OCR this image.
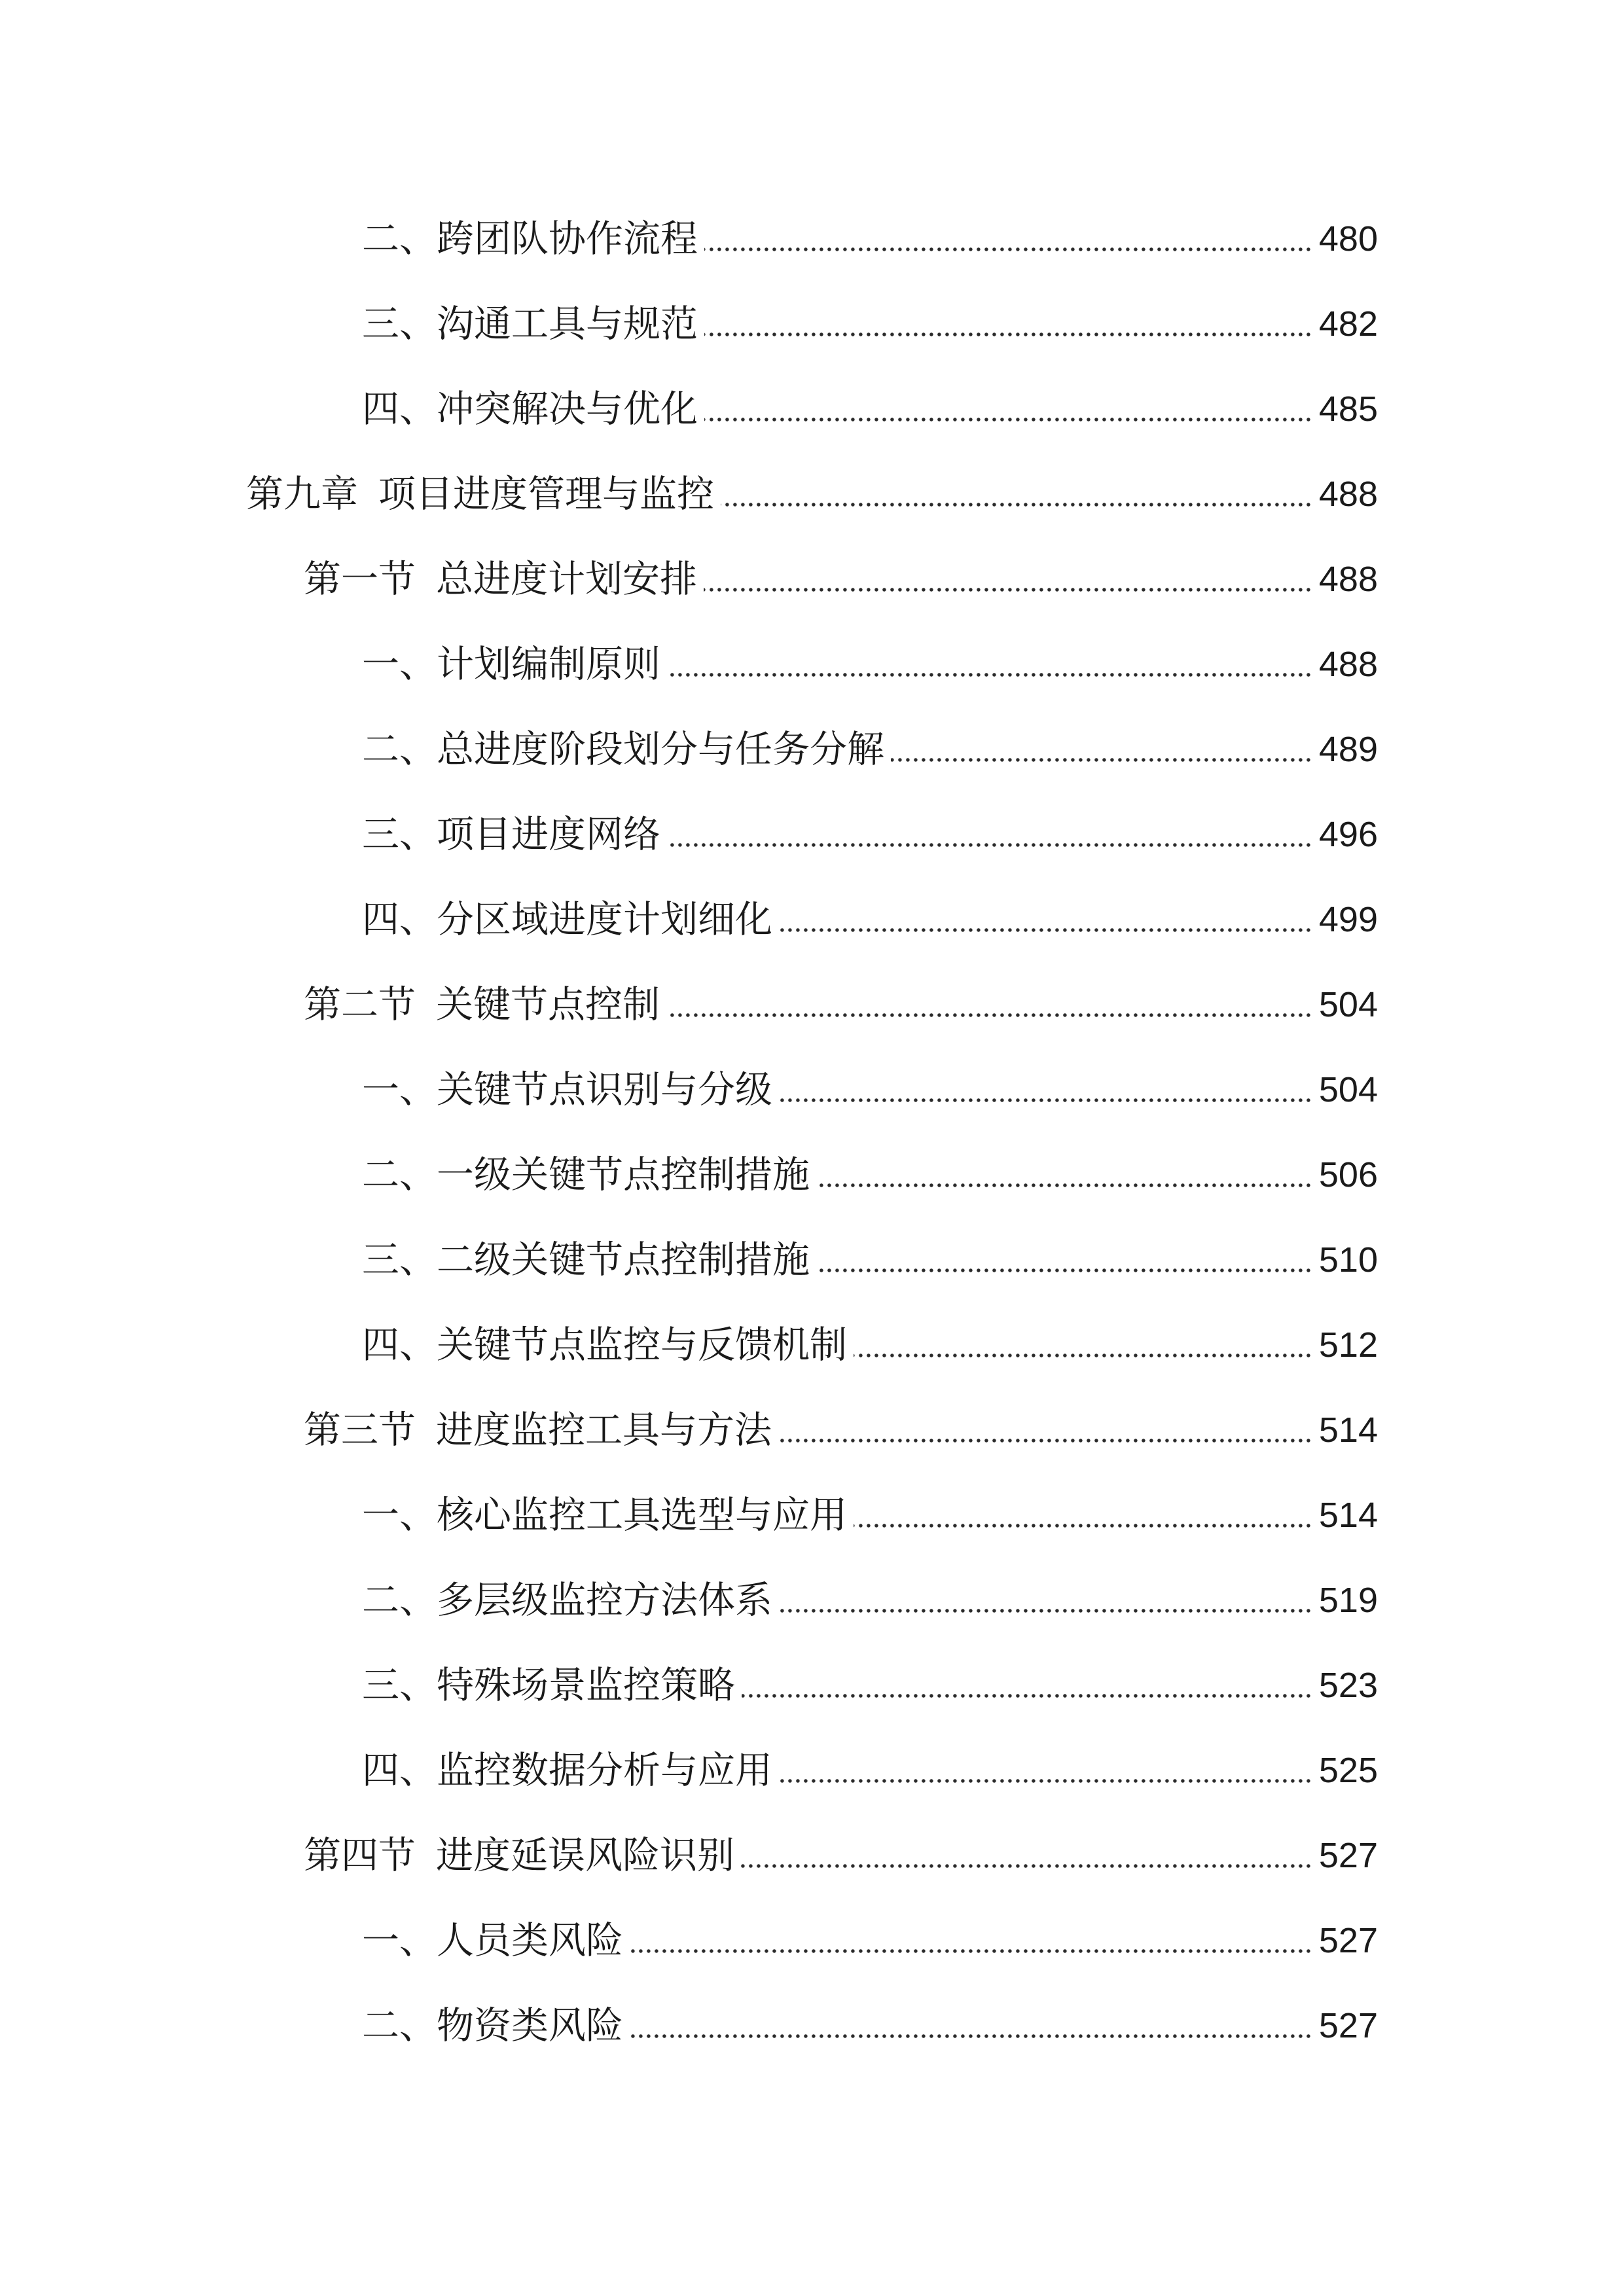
二、跨团队协作流程	480
三、沟通工具与规范	482
四、冲突解决与优化	485
第九章 项目进度管理与监控	488
第一节 总进度计划安排	488
一、计划编制原则	488
二、总进度阶段划分与任务分解	489
三、项目进度网络	496
四、分区域进度计划细化	499
第二节 关键节点控制	504
一、关键节点识别与分级	504
二、一级关键节点控制措施	506
三、二级关键节点控制措施	510
四、关键节点监控与反馈机制	512
第三节 进度监控工具与方法	514
一、核心监控工具选型与应用	514
二、多层级监控方法体系	519
三、特殊场景监控策略	523
四、监控数据分析与应用	525
第四节 进度延误风险识别	527
一、人员类风险	527
二、物资类风险	527
